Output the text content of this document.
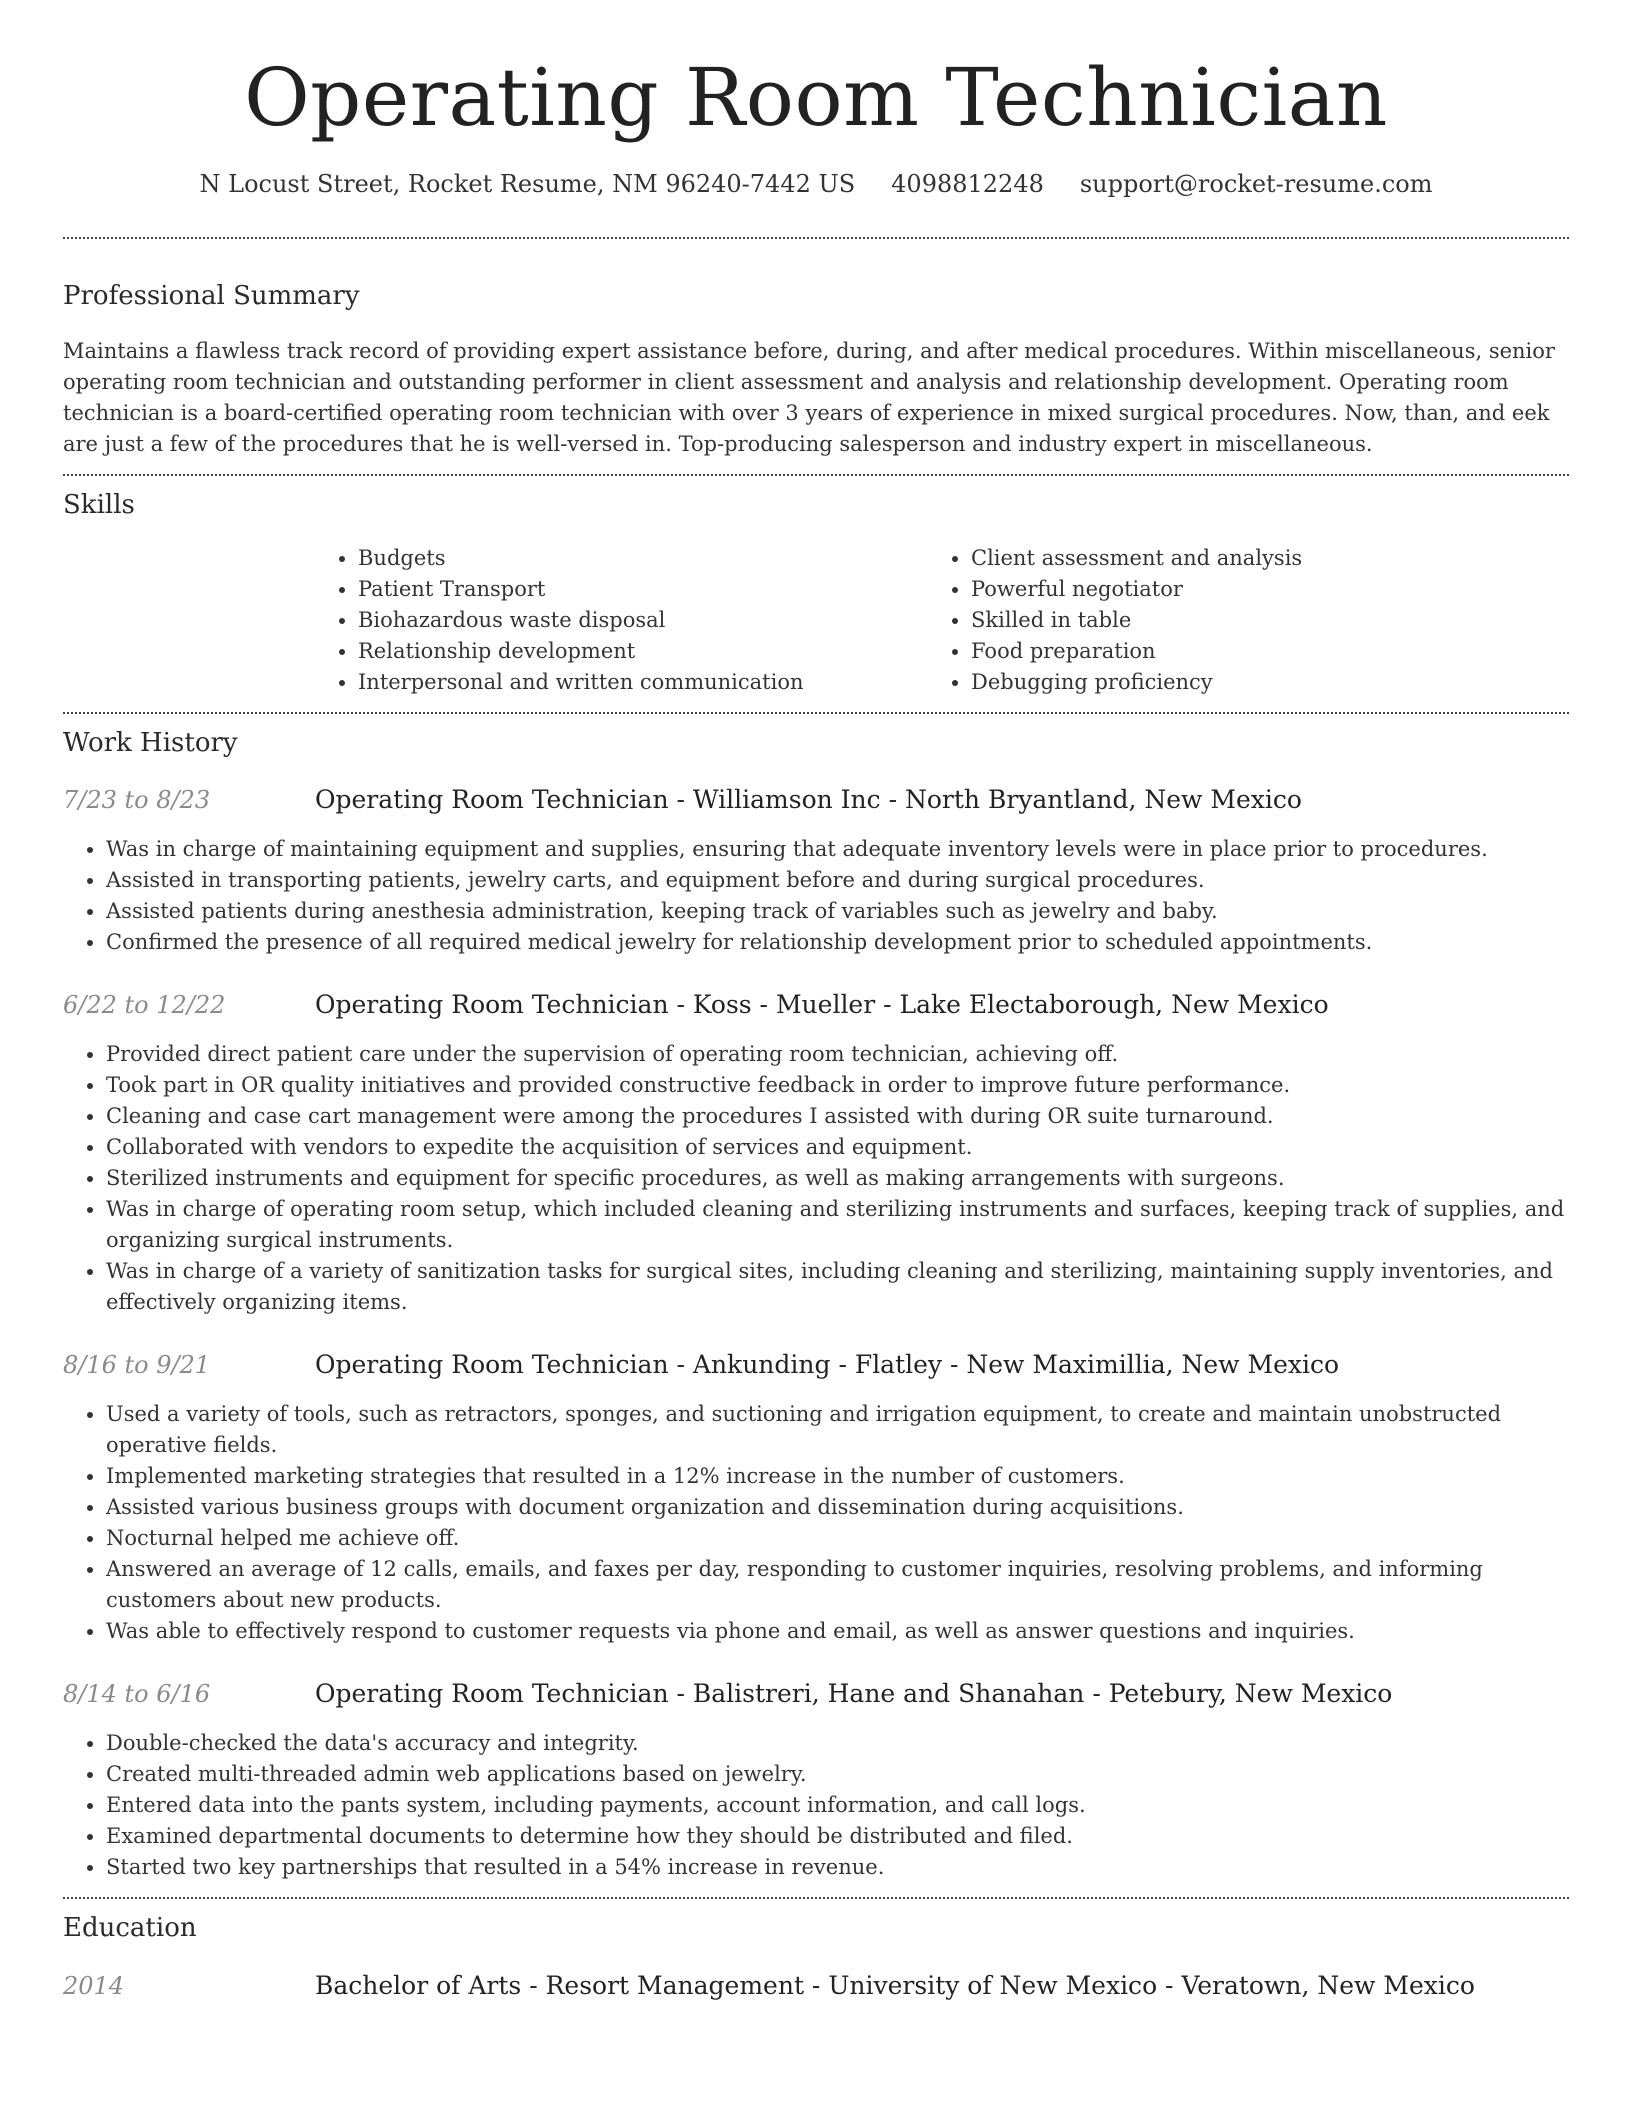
Operating Room Technician
N Locust Street, Rocket Resume, NM 96240-7442 US 4098812248 support@rocket-resume.com
Professional Summary

Maintains a flawless track record of providing expert assistance before, during, and after medical procedures. Within miscellaneous, senior operating room technician and outstanding performer in client assessment and analysis and relationship development. Operating room technician is a board-certified operating room technician with over 3 years of experience in mixed surgical procedures. Now, than, and eek are just a few of the procedures that he is well-versed in. Top-producing salesperson and industry expert in miscellaneous.

Skills
• Budgets
• Patient Transport
• Biohazardous waste disposal
• Relationship development
• Interpersonal and written communication
• Client assessment and analysis
• Powerful negotiator
• Skilled in table
• Food preparation
• Debugging proficiency
Work History
7/23 to 8/23	Operating Room Technician - Williamson Inc - North Bryantland, New Mexico
• Was in charge of maintaining equipment and supplies, ensuring that adequate inventory levels were in place prior to procedures.
• Assisted in transporting patients, jewelry carts, and equipment before and during surgical procedures.
• Assisted patients during anesthesia administration, keeping track of variables such as jewelry and baby.
• Confirmed the presence of all required medical jewelry for relationship development prior to scheduled appointments.
6/22 to 12/22	Operating Room Technician - Koss - Mueller - Lake Electaborough, New Mexico
• Provided direct patient care under the supervision of operating room technician, achieving off.
• Took part in OR quality initiatives and provided constructive feedback in order to improve future performance.
• Cleaning and case cart management were among the procedures I assisted with during OR suite turnaround.
• Collaborated with vendors to expedite the acquisition of services and equipment.
• Sterilized instruments and equipment for specific procedures, as well as making arrangements with surgeons.
• Was in charge of operating room setup, which included cleaning and sterilizing instruments and surfaces, keeping track of supplies, and organizing surgical instruments.
• Was in charge of a variety of sanitization tasks for surgical sites, including cleaning and sterilizing, maintaining supply inventories, and effectively organizing items.
8/16 to 9/21	Operating Room Technician - Ankunding - Flatley - New Maximillia, New Mexico
• Used a variety of tools, such as retractors, sponges, and suctioning and irrigation equipment, to create and maintain unobstructed operative fields.
• Implemented marketing strategies that resulted in a 12% increase in the number of customers.
• Assisted various business groups with document organization and dissemination during acquisitions.
• Nocturnal helped me achieve off.
• Answered an average of 12 calls, emails, and faxes per day, responding to customer inquiries, resolving problems, and informing customers about new products.
• Was able to effectively respond to customer requests via phone and email, as well as answer questions and inquiries.
8/14 to 6/16	Operating Room Technician - Balistreri, Hane and Shanahan - Petebury, New Mexico
• Double-checked the data's accuracy and integrity.
• Created multi-threaded admin web applications based on jewelry.
• Entered data into the pants system, including payments, account information, and call logs.
• Examined departmental documents to determine how they should be distributed and filed.
• Started two key partnerships that resulted in a 54% increase in revenue.
Education
2014	Bachelor of Arts - Resort Management - University of New Mexico - Veratown, New Mexico
